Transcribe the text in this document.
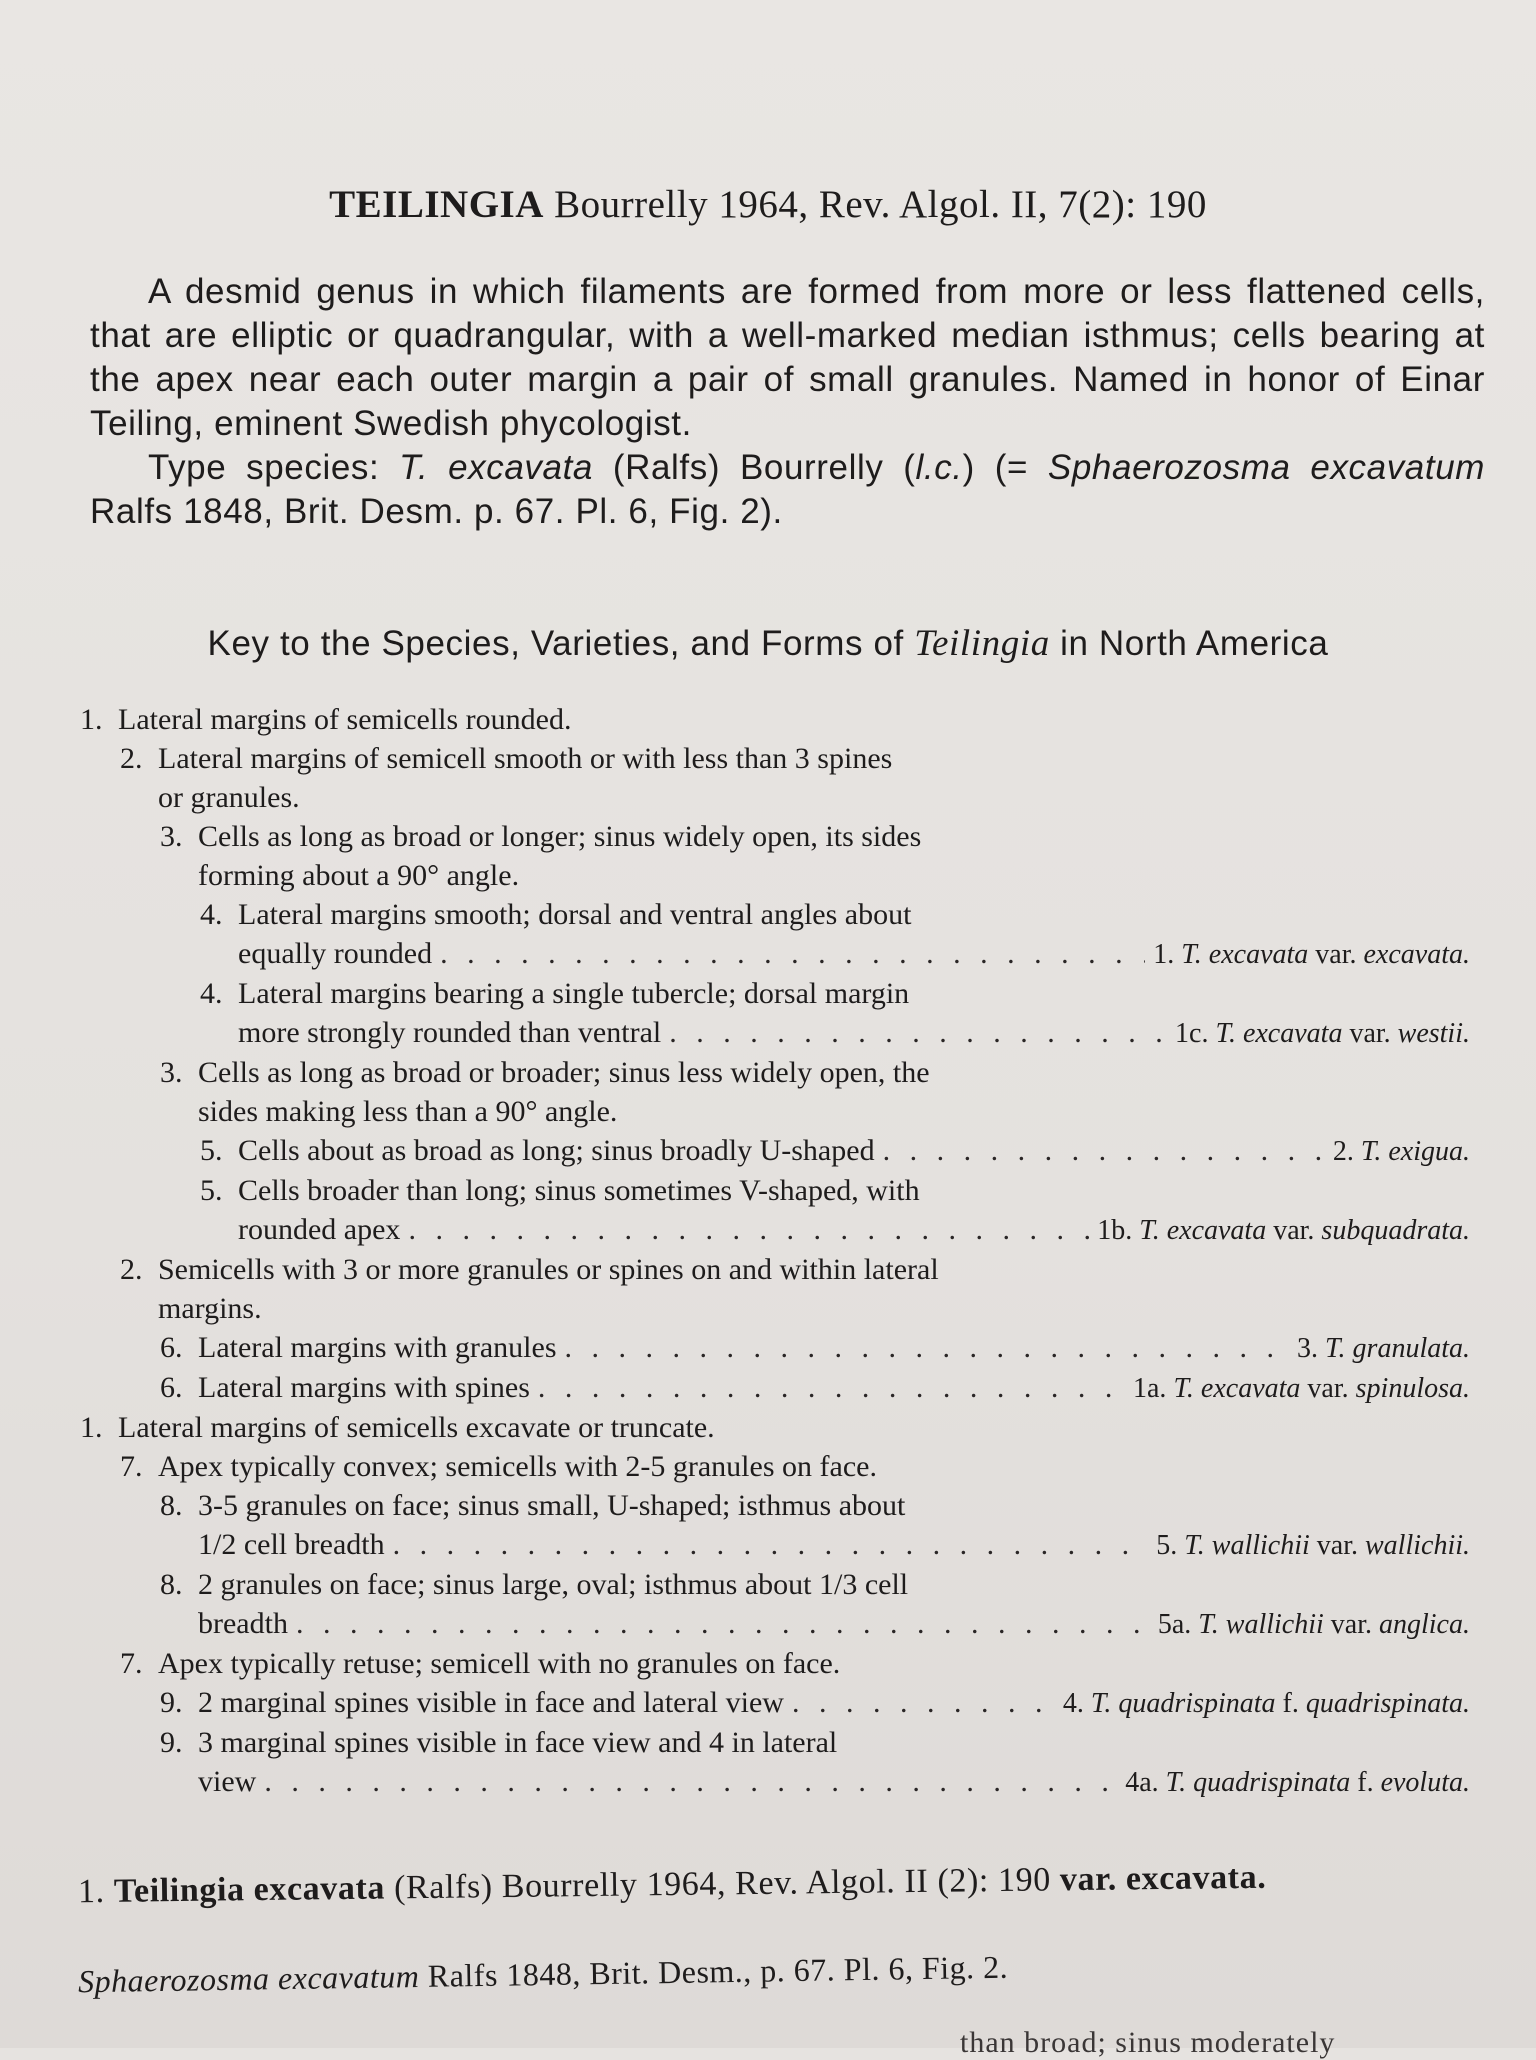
TEILINGIA Bourrelly 1964, Rev. Algol. II, 7(2): 190

A desmid genus in which filaments are formed from more or less flattened cells, that are elliptic or quadrangular, with a well-marked median isthmus; cells bearing at the apex near each outer margin a pair of small granules. Named in honor of Einar Teiling, eminent Swedish phycologist.

Type species: T. excavata (Ralfs) Bourrelly (l.c.) (= Sphaerozosma excavatum Ralfs 1848, Brit. Desm. p. 67. Pl. 6, Fig. 2).

Key to the Species, Varieties, and Forms of Teilingia in North America
1. Lateral margins of semicells rounded.
2. Lateral margins of semicell smooth or with less than 3 spines
or granules.
3. Cells as long as broad or longer; sinus widely open, its sides
forming about a 90° angle.
4. Lateral margins smooth; dorsal and ventral angles about
equally rounded . . .	1. T. excavata var. excavata.
4. Lateral margins bearing a single tubercle; dorsal margin
more strongly rounded than ventral . . .	1c. T. excavata var. westii.
3. Cells as long as broad or broader; sinus less widely open, the
sides making less than a 90° angle.
5. Cells about as broad as long; sinus broadly U-shaped . . .	2. T. exigua.
5. Cells broader than long; sinus sometimes V-shaped, with
rounded apex . . .	1b. T. excavata var. subquadrata.
2. Semicells with 3 or more granules or spines on and within lateral
margins.
6. Lateral margins with granules . . .	3. T. granulata.
6. Lateral margins with spines . . .	1a. T. excavata var. spinulosa.
1. Lateral margins of semicells excavate or truncate.
7. Apex typically convex; semicells with 2-5 granules on face.
8. 3-5 granules on face; sinus small, U-shaped; isthmus about
1/2 cell breadth . . .	5. T. wallichii var. wallichii.
8. 2 granules on face; sinus large, oval; isthmus about 1/3 cell
breadth . . .	5a. T. wallichii var. anglica.
7. Apex typically retuse; semicell with no granules on face.
9. 2 marginal spines visible in face and lateral view . . .	4. T. quadrispinata f. quadrispinata.
9. 3 marginal spines visible in face view and 4 in lateral
view . . .	4a. T. quadrispinata f. evoluta.
1. Teilingia excavata (Ralfs) Bourrelly 1964, Rev. Algol. II (2): 190 var. excavata.
Sphaerozosma excavatum Ralfs 1848, Brit. Desm., p. 67. Pl. 6, Fig. 2.
than broad; sinus moderately
